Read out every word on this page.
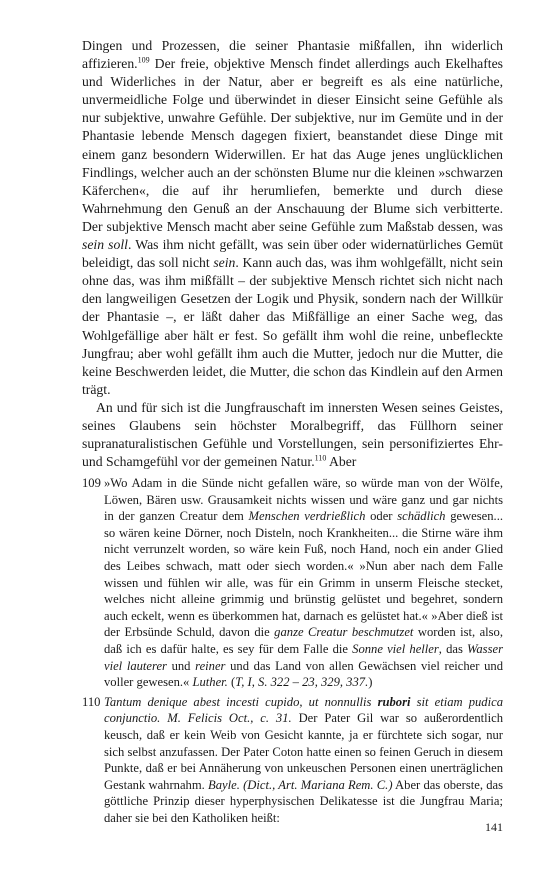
Dingen und Prozessen, die seiner Phantasie mißfallen, ihn widerlich affizieren.$^{109}$ Der freie, objektive Mensch findet allerdings auch Ekelhaftes und Widerliches in der Natur, aber er begreift es als eine natürliche, unvermeidliche Folge und überwindet in dieser Einsicht seine Gefühle als nur subjektive, unwahre Gefühle. Der subjektive, nur im Gemüte und in der Phantasie lebende Mensch dagegen fixiert, beanstandet diese Dinge mit einem ganz besondern Widerwillen. Er hat das Auge jenes unglücklichen Findlings, welcher auch an der schönsten Blume nur die kleinen »schwarzen Käferchen«, die auf ihr herumliefen, bemerkte und durch diese Wahrnehmung den Genuß an der Anschauung der Blume sich verbitterte. Der subjektive Mensch macht aber seine Gefühle zum Maßstab dessen, was sein soll. Was ihm nicht gefällt, was sein über oder widernatürliches Gemüt beleidigt, das soll nicht sein. Kann auch das, was ihm wohlgefällt, nicht sein ohne das, was ihm mißfällt – der subjektive Mensch richtet sich nicht nach den langweiligen Gesetzen der Logik und Physik, sondern nach der Willkür der Phantasie –, er läßt daher das Mißfällige an einer Sache weg, das Wohlgefällige aber hält er fest. So gefällt ihm wohl die reine, unbefleckte Jungfrau; aber wohl gefällt ihm auch die Mutter, jedoch nur die Mutter, die keine Beschwerden leidet, die Mutter, die schon das Kindlein auf den Armen trägt.

An und für sich ist die Jungfrauschaft im innersten Wesen seines Geistes, seines Glaubens sein höchster Moralbegriff, das Füllhorn seiner supranaturalistischen Gefühle und Vorstellungen, sein personifiziertes Ehr- und Schamgefühl vor der gemeinen Natur.$^{110}$ Aber

109 »Wo Adam in die Sünde nicht gefallen wäre, so würde man von der Wölfe, Löwen, Bären usw. Grausamkeit nichts wissen und wäre ganz und gar nichts in der ganzen Creatur dem Menschen verdrießlich oder schädlich gewesen... so wären keine Dörner, noch Disteln, noch Krankheiten... die Stirne wäre ihm nicht verrunzelt worden, so wäre kein Fuß, noch Hand, noch ein ander Glied des Leibes schwach, matt oder siech worden.« »Nun aber nach dem Falle wissen und fühlen wir alle, was für ein Grimm in unserm Fleische stecket, welches nicht alleine grimmig und brünstig gelüstet und begehret, sondern auch eckelt, wenn es überkommen hat, darnach es gelüstet hat.« »Aber dieß ist der Erbsünde Schuld, davon die ganze Creatur beschmutzet worden ist, also, daß ich es dafür halte, es sey für dem Falle die Sonne viel heller, das Wasser viel lauterer und reiner und das Land von allen Gewächsen viel reicher und voller gewesen.« Luther. (T, I, S. 322 – 23, 329, 337.)
110 Tantum denique abest incesti cupido, ut nonnullis rubori sit etiam pudica conjunctio. M. Felicis Oct., c. 31. Der Pater Gil war so außerordentlich keusch, daß er kein Weib von Gesicht kannte, ja er fürchtete sich sogar, nur sich selbst anzufassen. Der Pater Coton hatte einen so feinen Geruch in diesem Punkte, daß er bei Annäherung von unkeuschen Personen einen unerträglichen Gestank wahrnahm. Bayle. (Dict., Art. Mariana Rem. C.) Aber das oberste, das göttliche Prinzip dieser hyperphysischen Delikatesse ist die Jungfrau Maria; daher sie bei den Katholiken heißt:
141
